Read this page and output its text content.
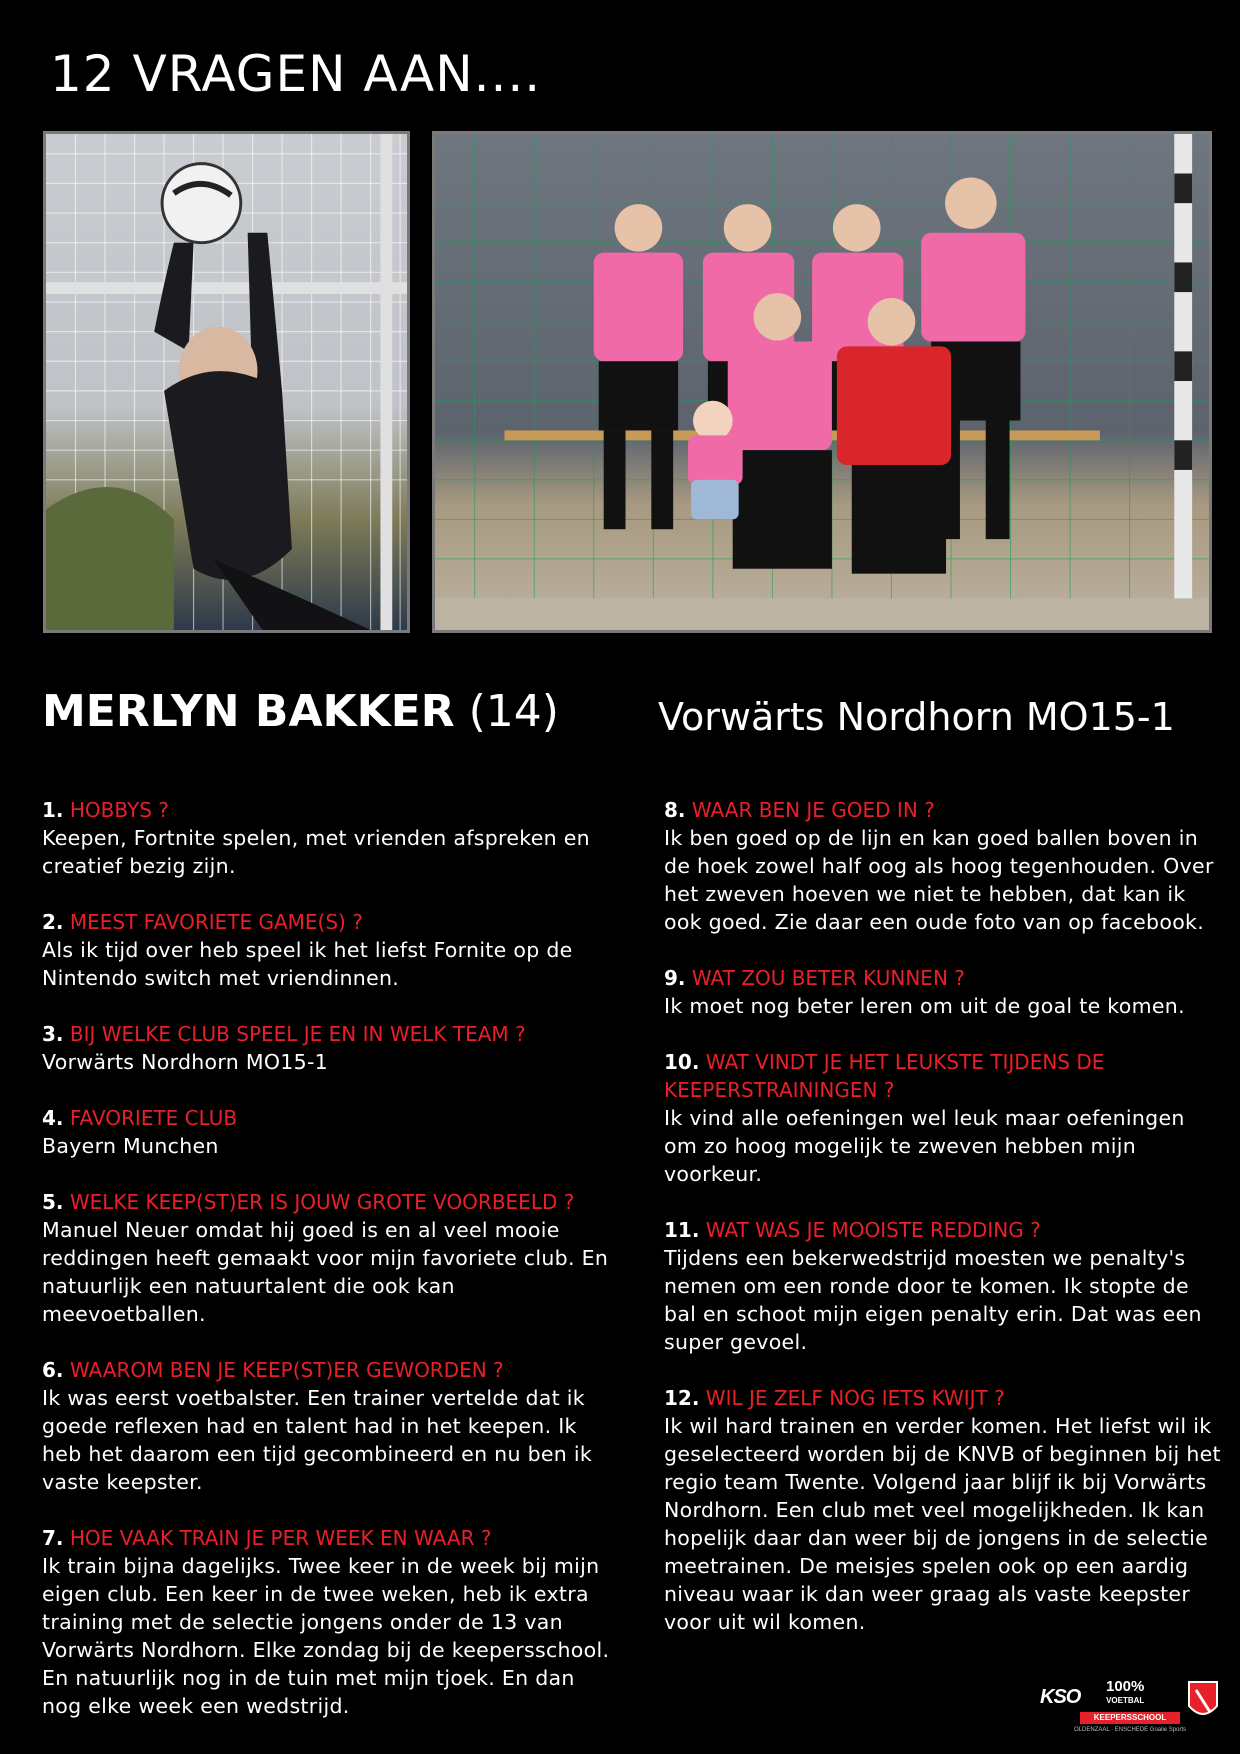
12 VRAGEN AAN....

MERLYN BAKKER (14)	Vorwärts Nordhorn MO15-1

1. HOBBYS ?
Keepen, Fortnite spelen, met vrienden afspreken en creatief bezig zijn.
2. MEEST FAVORIETE GAME(S) ?
Als ik tijd over heb speel ik het liefst Fornite op de Nintendo switch met vriendinnen.
3. BIJ WELKE CLUB SPEEL JE EN IN WELK TEAM ?
Vorwärts Nordhorn MO15-1
4. FAVORIETE CLUB
Bayern Munchen
5. WELKE KEEP(ST)ER IS JOUW GROTE VOORBEELD ?
Manuel Neuer omdat hij goed is en al veel mooie reddingen heeft gemaakt voor mijn favoriete club. En natuurlijk een natuurtalent die ook kan meevoetballen.
6. WAAROM BEN JE KEEP(ST)ER GEWORDEN ?
Ik was eerst voetbalster. Een trainer vertelde dat ik goede reflexen had en talent had in het keepen. Ik heb het daarom een tijd gecombineerd en nu ben ik vaste keepster.
7. HOE VAAK TRAIN JE PER WEEK EN WAAR ?
Ik train bijna dagelijks. Twee keer in de week bij mijn eigen club. Een keer in de twee weken, heb ik extra training met de selectie jongens onder de 13 van Vorwärts Nordhorn. Elke zondag bij de keepersschool. En natuurlijk nog in de tuin met mijn tjoek. En dan nog elke week een wedstrijd.
8. WAAR BEN JE GOED IN ?
Ik ben goed op de lijn en kan goed ballen boven in de hoek zowel half oog als hoog tegenhouden. Over het zweven hoeven we niet te hebben, dat kan ik ook goed. Zie daar een oude foto van op facebook.
9. WAT ZOU BETER KUNNEN ?
Ik moet nog beter leren om uit de goal te komen.
10. WAT VINDT JE HET LEUKSTE TIJDENS DE KEEPERSTRAININGEN ?
Ik vind alle oefeningen wel leuk maar oefeningen om zo hoog mogelijk te zweven hebben mijn voorkeur.
11. WAT WAS JE MOOISTE REDDING ?
Tijdens een bekerwedstrijd moesten we penalty's nemen om een ronde door te komen. Ik stopte de bal en schoot mijn eigen penalty erin. Dat was een super gevoel.
12. WIL JE ZELF NOG IETS KWIJT ?
Ik wil hard trainen en verder komen. Het liefst wil ik geselecteerd worden bij de KNVB of beginnen bij het regio team Twente. Volgend jaar blijf ik bij Vorwärts Nordhorn. Een club met veel mogelijkheden. Ik kan hopelijk daar dan weer bij de jongens in de selectie meetrainen. De meisjes spelen ook op een aardig niveau waar ik dan weer graag als vaste keepster voor uit wil komen.
KSO 100%
VOETBAL
KEEPERSSCHOOL
OLDENZAAL · ENSCHEDE Goalie Sports
